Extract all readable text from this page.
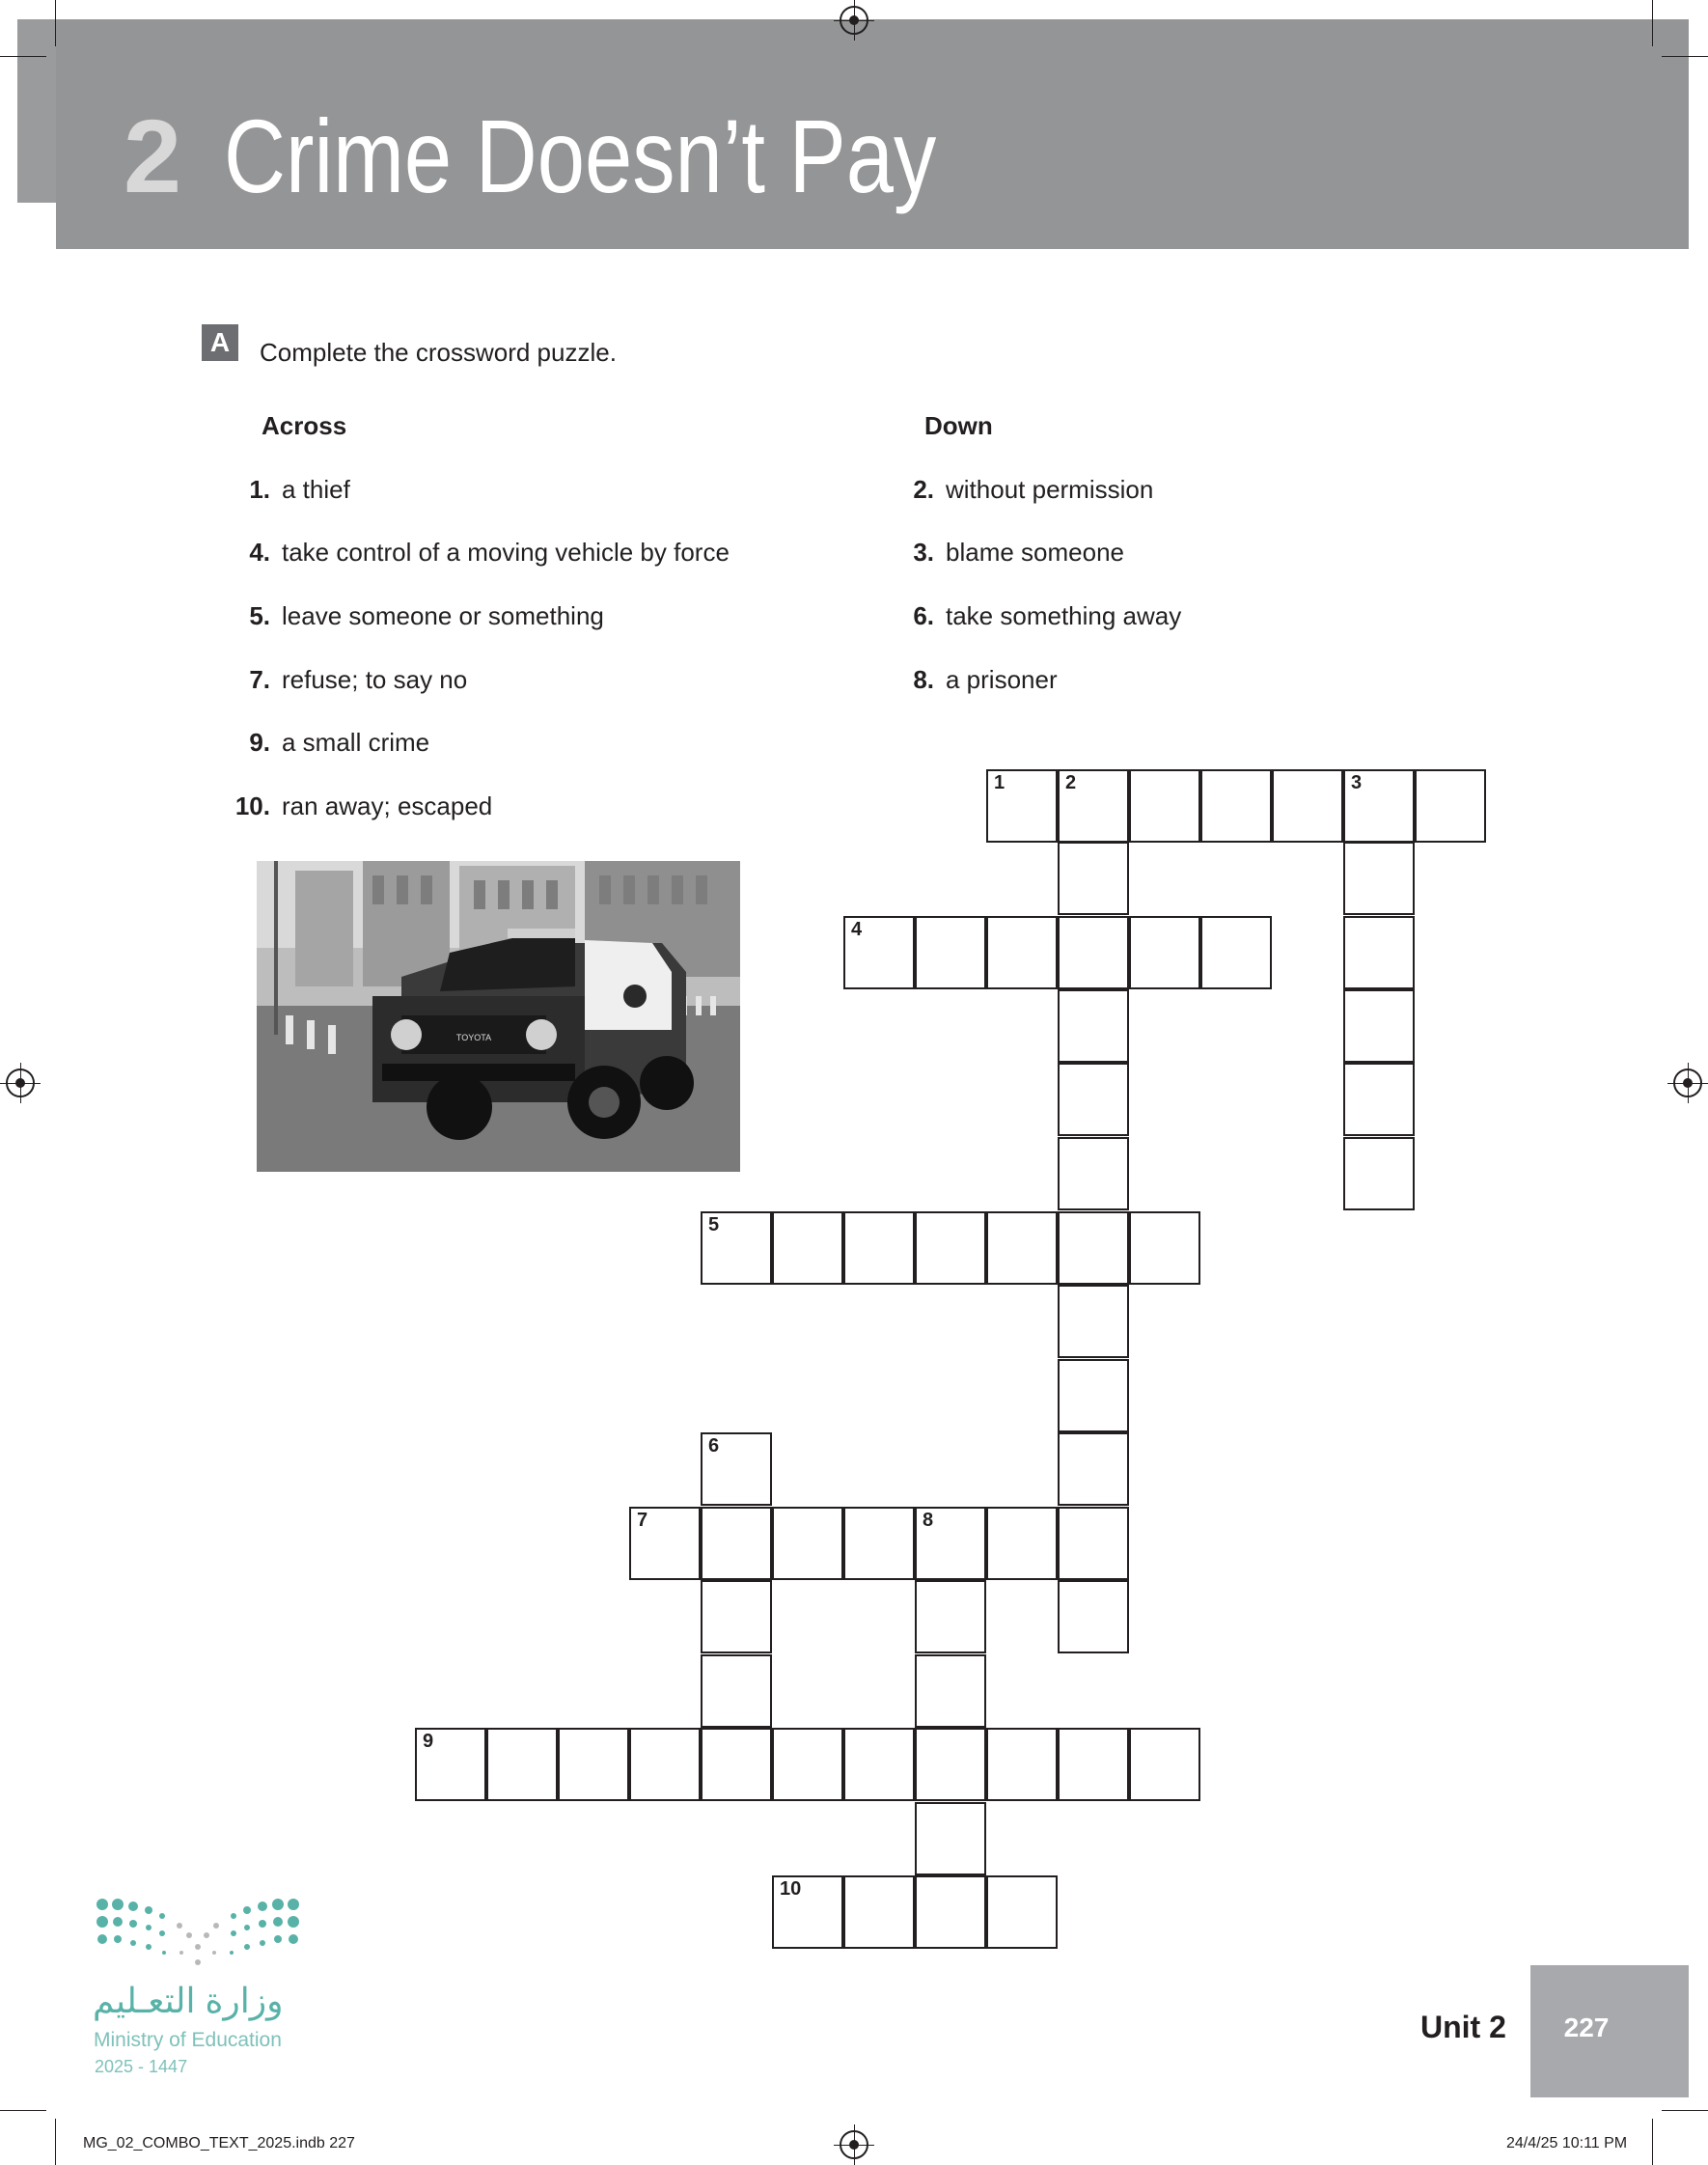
2 Crime Doesn’t Pay
A	Complete the crossword puzzle.
Across
1. a thief
4. take control of a moving vehicle by force
5. leave someone or something
7. refuse; to say no
9. a small crime
10. ran away; escaped
Down
2. without permission
3. blame someone
6. take something away
8. a prisoner
TOYOTA
1	2	3
4
5
6
7	8
9
10
وزارة التعـليم
Ministry of Education
2025 - 1447
Unit 2	227
MG_02_COMBO_TEXT_2025.indb 227	24/4/25 10:11 PM
